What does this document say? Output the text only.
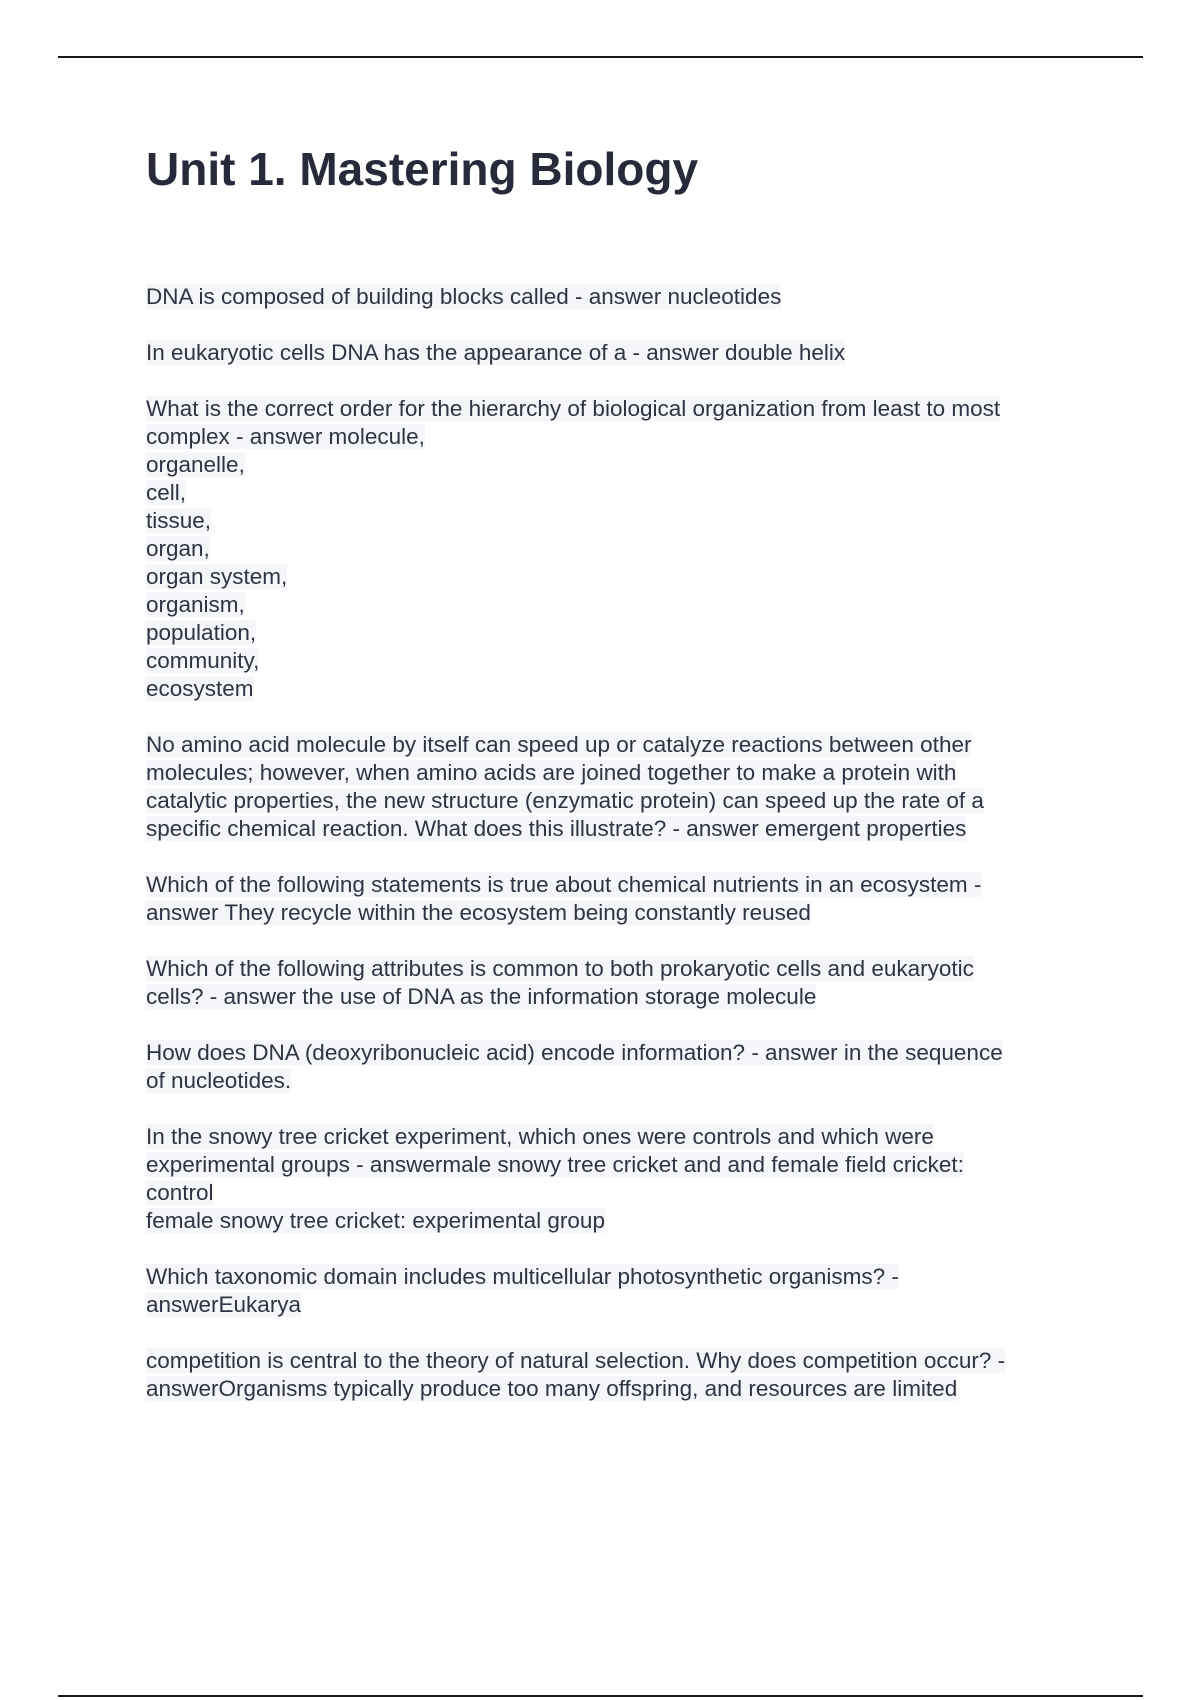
Unit 1. Mastering Biology

DNA is composed of building blocks called - answer nucleotides

In eukaryotic cells DNA has the appearance of a - answer double helix

What is the correct order for the hierarchy of biological organization from least to most
complex - answer molecule,
organelle,
cell,
tissue,
organ,
organ system,
organism,
population,
community,
ecosystem

No amino acid molecule by itself can speed up or catalyze reactions between other
molecules; however, when amino acids are joined together to make a protein with
catalytic properties, the new structure (enzymatic protein) can speed up the rate of a
specific chemical reaction. What does this illustrate? - answer emergent properties

Which of the following statements is true about chemical nutrients in an ecosystem -
answer They recycle within the ecosystem being constantly reused

Which of the following attributes is common to both prokaryotic cells and eukaryotic
cells? - answer the use of DNA as the information storage molecule

How does DNA (deoxyribonucleic acid) encode information? - answer in the sequence
of nucleotides.

In the snowy tree cricket experiment, which ones were controls and which were
experimental groups - answermale snowy tree cricket and and female field cricket:
control
female snowy tree cricket: experimental group

Which taxonomic domain includes multicellular photosynthetic organisms? -
answerEukarya

competition is central to the theory of natural selection. Why does competition occur? -
answerOrganisms typically produce too many offspring, and resources are limited
